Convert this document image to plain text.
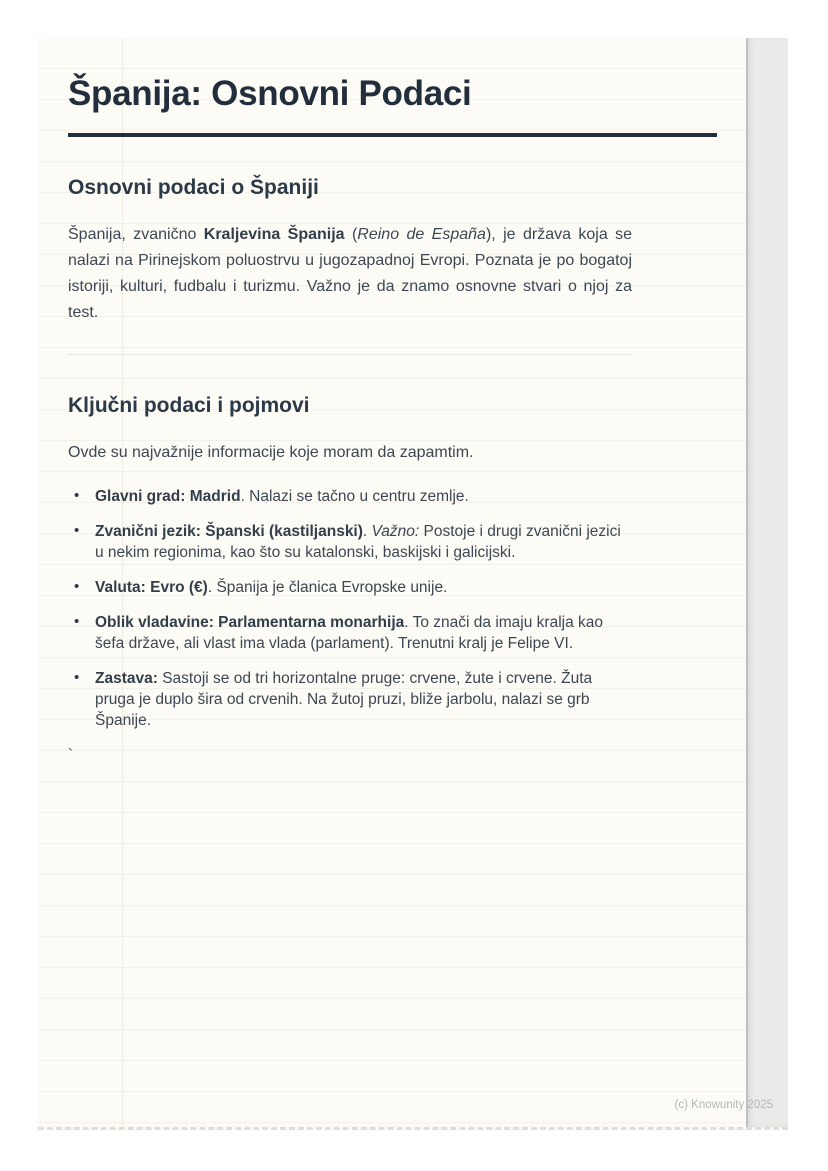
Španija: Osnovni Podaci
Osnovni podaci o Španiji

Španija, zvanično Kraljevina Španija (Reino de España), je država koja se nalazi na Pirinejskom poluostrvu u jugozapadnoj Evropi. Poznata je po bogatoj istoriji, kulturi, fudbalu i turizmu. Važno je da znamo osnovne stvari o njoj za test.

Ključni podaci i pojmovi

Ovde su najvažnije informacije koje moram da zapamtim.

• Glavni grad: Madrid. Nalazi se tačno u centru zemlje.
• Zvanični jezik: Španski (kastiljanski). Važno: Postoje i drugi zvanični jezici u nekim regionima, kao što su katalonski, baskijski i galicijski.
• Valuta: Evro (€). Španija je članica Evropske unije.
• Oblik vladavine: Parlamentarna monarhija. To znači da imaju kralja kao šefa države, ali vlast ima vlada (parlament). Trenutni kralj je Felipe VI.
• Zastava: Sastoji se od tri horizontalne pruge: crvene, žute i crvene. Žuta pruga je duplo šira od crvenih. Na žutoj pruzi, bliže jarbolu, nalazi se grb Španije.

`

(c) Knowunity 2025
